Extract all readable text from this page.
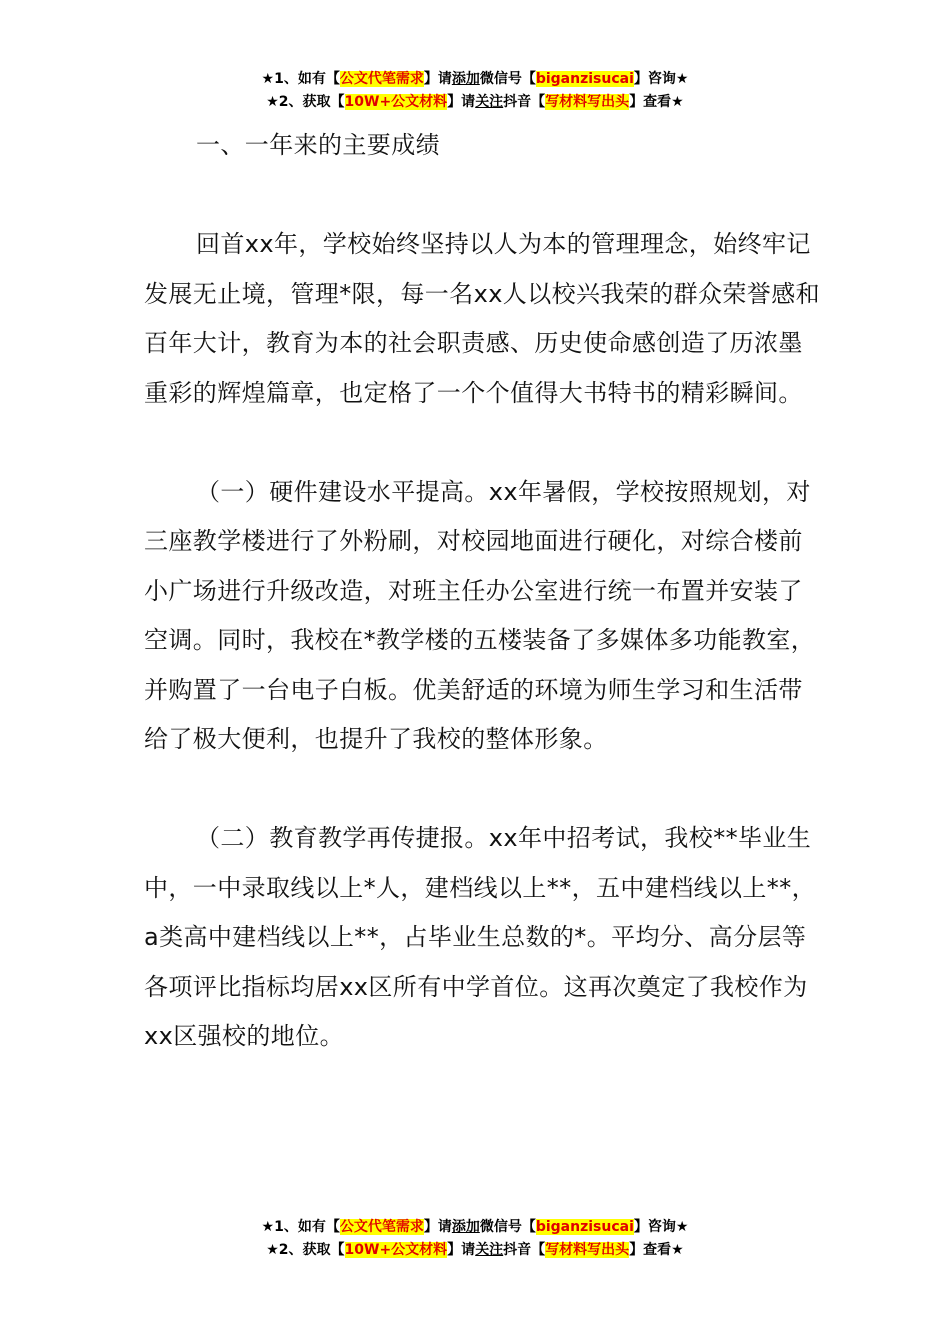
★1、如有【公文代笔需求】请添加微信号【biganzisucai】咨询★
★2、获取【10W+公文材料】请关注抖音【写材料写出头】查看★

一、一年来的主要成绩

回首xx年，学校始终坚持以人为本的管理理念，始终牢记发展无止境，管理*限，每一名xx人以校兴我荣的群众荣誉感和百年大计，教育为本的社会职责感、历史使命感创造了历浓墨重彩的辉煌篇章，也定格了一个个值得大书特书的精彩瞬间。

（一）硬件建设水平提高。xx年暑假，学校按照规划，对三座教学楼进行了外粉刷，对校园地面进行硬化，对综合楼前小广场进行升级改造，对班主任办公室进行统一布置并安装了空调。同时，我校在*教学楼的五楼装备了多媒体多功能教室，并购置了一台电子白板。优美舒适的环境为师生学习和生活带给了极大便利，也提升了我校的整体形象。

（二）教育教学再传捷报。xx年中招考试，我校**毕业生中，一中录取线以上*人，建档线以上**，五中建档线以上**，a类高中建档线以上**，占毕业生总数的*。平均分、高分层等各项评比指标均居xx区所有中学首位。这再次奠定了我校作为xx区强校的地位。

★1、如有【公文代笔需求】请添加微信号【biganzisucai】咨询★
★2、获取【10W+公文材料】请关注抖音【写材料写出头】查看★
